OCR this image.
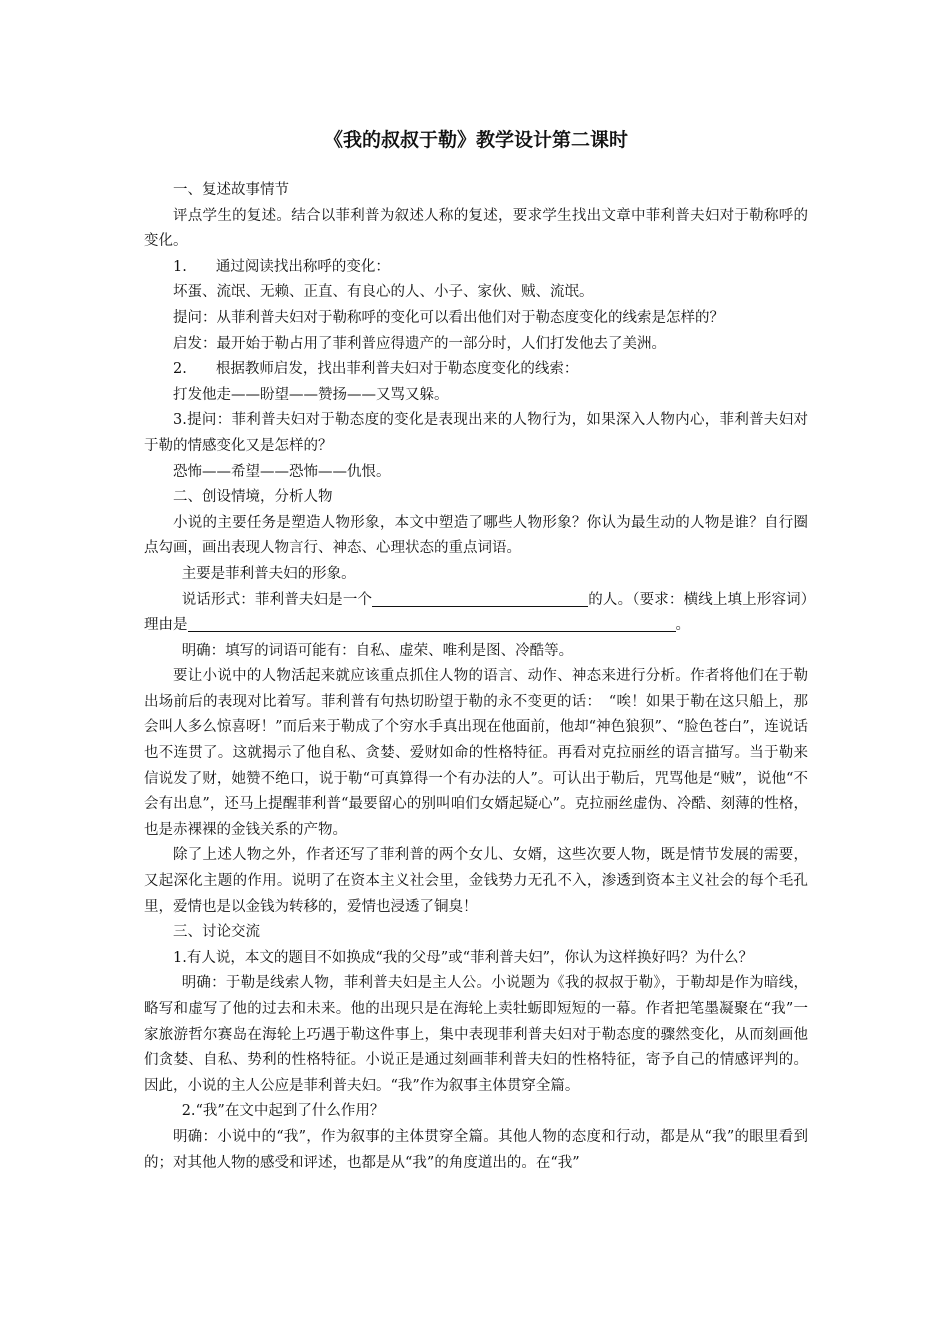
《我的叔叔于勒》教学设计第二课时

一、复述故事情节

评点学生的复述。结合以菲利普为叙述人称的复述，要求学生找出文章中菲利普夫妇对于勒称呼的变化。

1.　　通过阅读找出称呼的变化：

坏蛋、流氓、无赖、正直、有良心的人、小子、家伙、贼、流氓。

提问：从菲利普夫妇对于勒称呼的变化可以看出他们对于勒态度变化的线索是怎样的？

启发：最开始于勒占用了菲利普应得遗产的一部分时，人们打发他去了美洲。

2.　　根据教师启发，找出菲利普夫妇对于勒态度变化的线索：

打发他走——盼望——赞扬——又骂又躲。

3.提问：菲利普夫妇对于勒态度的变化是表现出来的人物行为，如果深入人物内心，菲利普夫妇对于勒的情感变化又是怎样的？

恐怖——希望——恐怖——仇恨。

二、创设情境，分析人物

小说的主要任务是塑造人物形象，本文中塑造了哪些人物形象？你认为最生动的人物是谁？自行圈点勾画，画出表现人物言行、神态、心理状态的重点词语。

主要是菲利普夫妇的形象。

说话形式：菲利普夫妇是一个	的人。（要求：横线上填上形容词）理由是	。

明确：填写的词语可能有：自私、虚荣、唯利是图、冷酷等。

要让小说中的人物活起来就应该重点抓住人物的语言、动作、神态来进行分析。作者将他们在于勒出场前后的表现对比着写。菲利普有句热切盼望于勒的永不变更的话：　“唉！如果于勒在这只船上，那会叫人多么惊喜呀！”而后来于勒成了个穷水手真出现在他面前，他却“神色狼狈”、“脸色苍白”，连说话也不连贯了。这就揭示了他自私、贪婪、爱财如命的性格特征。再看对克拉丽丝的语言描写。当于勒来信说发了财，她赞不绝口，说于勒“可真算得一个有办法的人”。可认出于勒后，咒骂他是“贼”，说他“不会有出息”，还马上提醒菲利普“最要留心的别叫咱们女婿起疑心”。克拉丽丝虚伪、冷酷、刻薄的性格，也是赤裸裸的金钱关系的产物。

除了上述人物之外，作者还写了菲利普的两个女儿、女婿，这些次要人物，既是情节发展的需要，又起深化主题的作用。说明了在资本主义社会里，金钱势力无孔不入，渗透到资本主义社会的每个毛孔里，爱情也是以金钱为转移的，爱情也浸透了铜臭！

三、讨论交流

1.有人说，本文的题目不如换成“我的父母”或“菲利普夫妇”，你认为这样换好吗？为什么？

明确：于勒是线索人物，菲利普夫妇是主人公。小说题为《我的叔叔于勒》，于勒却是作为暗线，略写和虚写了他的过去和未来。他的出现只是在海轮上卖牡蛎即短短的一幕。作者把笔墨凝聚在“我”一家旅游哲尔赛岛在海轮上巧遇于勒这件事上，集中表现菲利普夫妇对于勒态度的骤然变化，从而刻画他们贪婪、自私、势利的性格特征。小说正是通过刻画菲利普夫妇的性格特征，寄予自己的情感评判的。因此，小说的主人公应是菲利普夫妇。“我”作为叙事主体贯穿全篇。

2.“我”在文中起到了什么作用？

明确：小说中的“我”，作为叙事的主体贯穿全篇。其他人物的态度和行动，都是从“我”的眼里看到的；对其他人物的感受和评述，也都是从“我”的角度道出的。在“我”
